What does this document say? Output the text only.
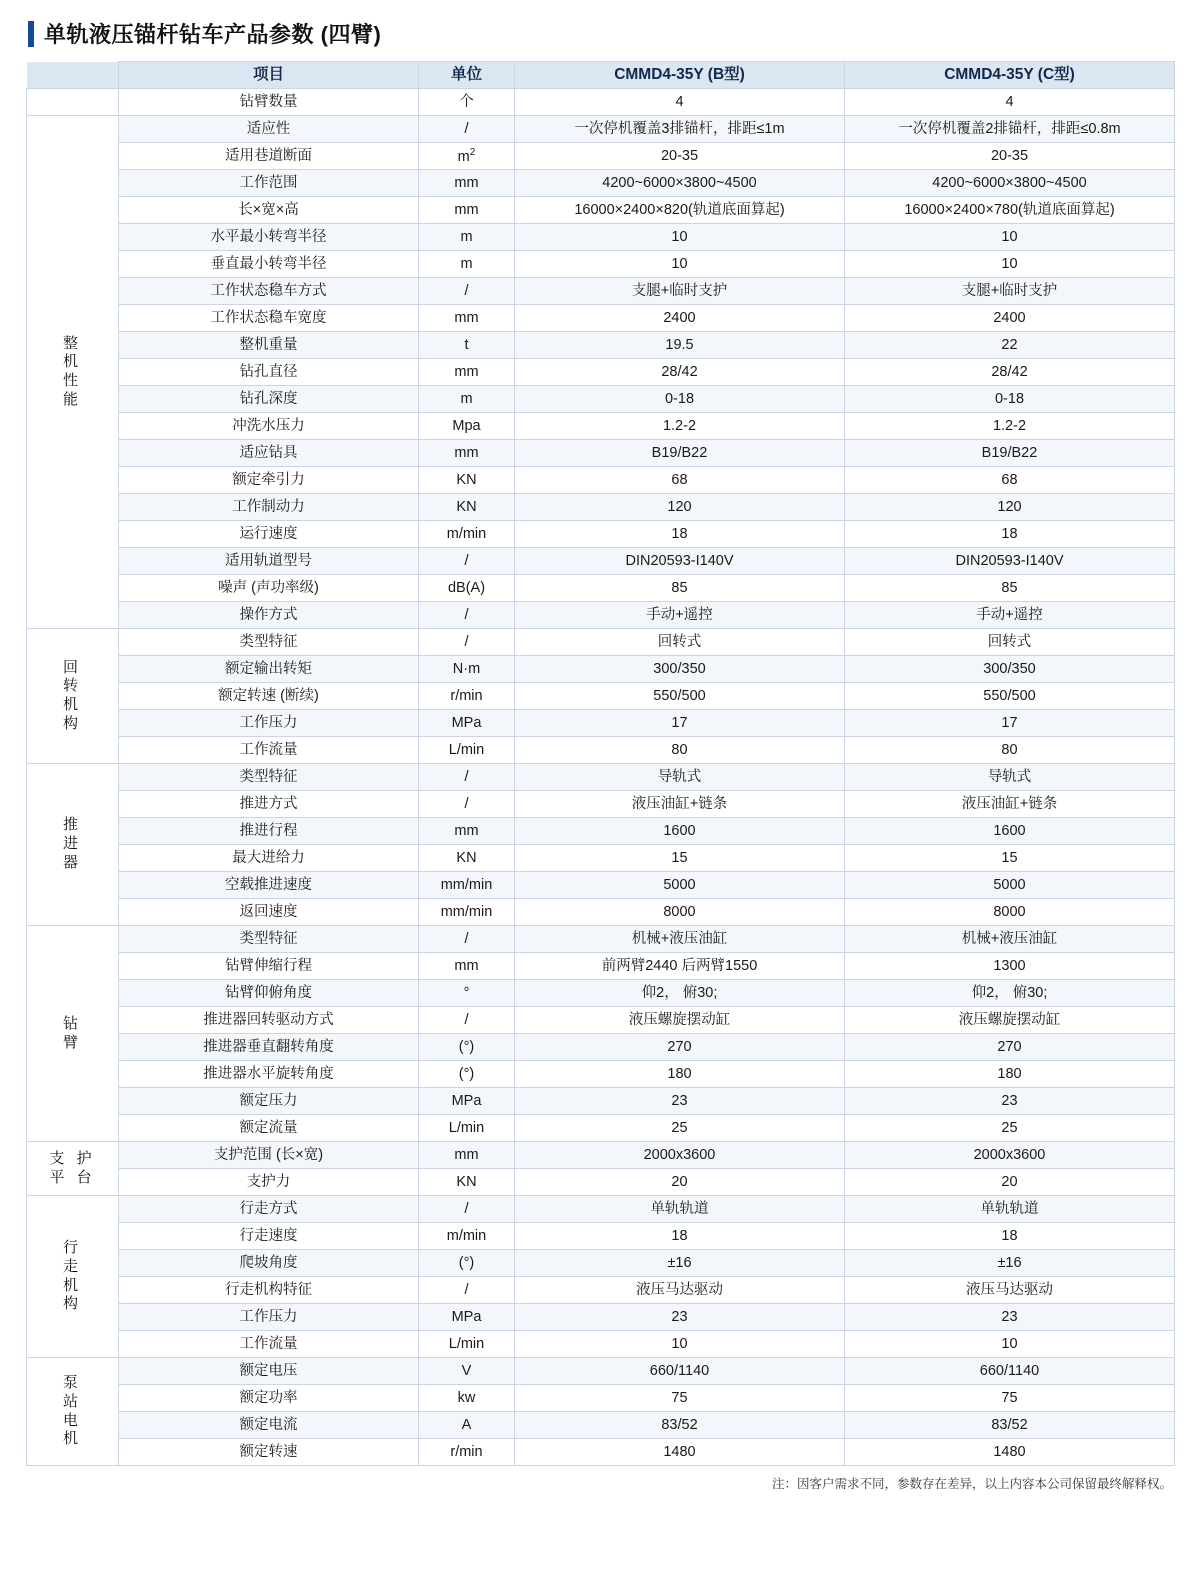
单轨液压锚杆钻车产品参数 (四臂)
	项目	单位	CMMD4-35Y (B型)	CMMD4-35Y (C型)
	钻臂数量	个	4	4
整
机
性
能	适应性	/	一次停机覆盖3排锚杆，排距≤1m	一次停机覆盖2排锚杆，排距≤0.8m
	适用巷道断面	$m^2$	20-35	20-35
	工作范围	mm	4200~6000×3800~4500	4200~6000×3800~4500
	长×宽×高	mm	16000×2400×820(轨道底面算起)	16000×2400×780(轨道底面算起)
	水平最小转弯半径	m	10	10
	垂直最小转弯半径	m	10	10
	工作状态稳车方式	/	支腿+临时支护	支腿+临时支护
	工作状态稳车宽度	mm	2400	2400
	整机重量	t	19.5	22
	钻孔直径	mm	28/42	28/42
	钻孔深度	m	0-18	0-18
	冲洗水压力	Mpa	1.2-2	1.2-2
	适应钻具	mm	B19/B22	B19/B22
	额定牵引力	KN	68	68
	工作制动力	KN	120	120
	运行速度	m/min	18	18
	适用轨道型号	/	DIN20593-I140V	DIN20593-I140V
	噪声 (声功率级)	dB(A)	85	85
	操作方式	/	手动+遥控	手动+遥控
回
转
机
构	类型特征	/	回转式	回转式
	额定输出转矩	N·m	300/350	300/350
	额定转速 (断续)	r/min	550/500	550/500
	工作压力	MPa	17	17
	工作流量	L/min	80	80
推
进
器	类型特征	/	导轨式	导轨式
	推进方式	/	液压油缸+链条	液压油缸+链条
	推进行程	mm	1600	1600
	最大进给力	KN	15	15
	空载推进速度	mm/min	5000	5000
	返回速度	mm/min	8000	8000
钻
臂	类型特征	/	机械+液压油缸	机械+液压油缸
	钻臂伸缩行程	mm	前两臂2440 后两臂1550	1300
	钻臂仰俯角度	°	仰2， 俯30;	仰2， 俯30;
	推进器回转驱动方式	/	液压螺旋摆动缸	液压螺旋摆动缸
	推进器垂直翻转角度	(°)	270	270
	推进器水平旋转角度	(°)	180	180
	额定压力	MPa	23	23
	额定流量	L/min	25	25
支 护
平 台	支护范围 (长×宽)	mm	2000x3600	2000x3600
	支护力	KN	20	20
行
走
机
构	行走方式	/	单轨轨道	单轨轨道
	行走速度	m/min	18	18
	爬坡角度	(°)	±16	±16
	行走机构特征	/	液压马达驱动	液压马达驱动
	工作压力	MPa	23	23
	工作流量	L/min	10	10
泵
站
电
机	额定电压	V	660/1140	660/1140
	额定功率	kw	75	75
	额定电流	A	83/52	83/52
	额定转速	r/min	1480	1480
注：因客户需求不同，参数存在差异，以上内容本公司保留最终解释权。
